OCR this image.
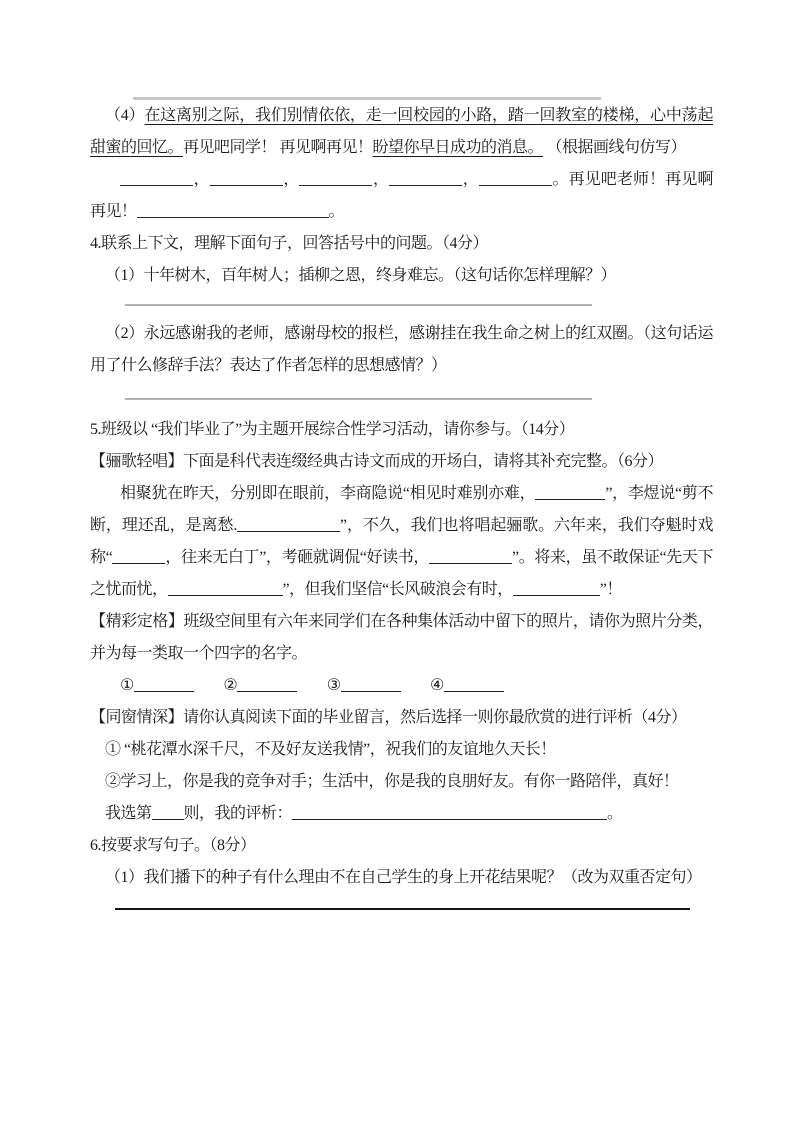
（4）在这离别之际，我们别情依依，走一回校园的小路，踏一回教室的楼梯，心中荡起甜蜜的回忆。再见吧同学！ 再见啊再见！盼望你早日成功的消息。 （根据画线句仿写）

，	，	，	，	。再见吧老师！再见啊再见！	。

4.联系上下文，理解下面句子，回答括号中的问题。（4分）

（1）十年树木，百年树人；插柳之恩，终身难忘。（这句话你怎样理解？）

（2）永远感谢我的老师，感谢母校的报栏，感谢挂在我生命之树上的红双圈。（这句话运用了什么修辞手法？表达了作者怎样的思想感情？）

5.班级以 “我们毕业了”为主题开展综合性学习活动，请你参与。（14分）

【骊歌轻唱】下面是科代表连缀经典古诗文而成的开场白，请将其补充完整。（6分）

相聚犹在昨天，分别即在眼前，李商隐说“相见时难别亦难，	”，李煜说“剪不断，理还乱，是离愁.	”，不久，我们也将唱起骊歌。六年来，我们夺魁时戏称“	，往来无白丁”，考砸就调侃“好读书，	”。将来，虽不敢保证“先天下之忧而忧，	”，但我们坚信“长风破浪会有时，	”！

【精彩定格】班级空间里有六年来同学们在各种集体活动中留下的照片，请你为照片分类，并为每一类取一个四字的名字。

①	②	③	④

【同窗情深】请你认真阅读下面的毕业留言，然后选择一则你最欣赏的进行评析（4分）

① “桃花潭水深千尺，不及好友送我情”，祝我们的友谊地久天长！

②学习上，你是我的竞争对手；生活中，你是我的良朋好友。有你一路陪伴，真好！

我选第 则，我的评析：	。

6.按要求写句子。（8分）

（1）我们播下的种子有什么理由不在自己学生的身上开花结果呢？（改为双重否定句）
